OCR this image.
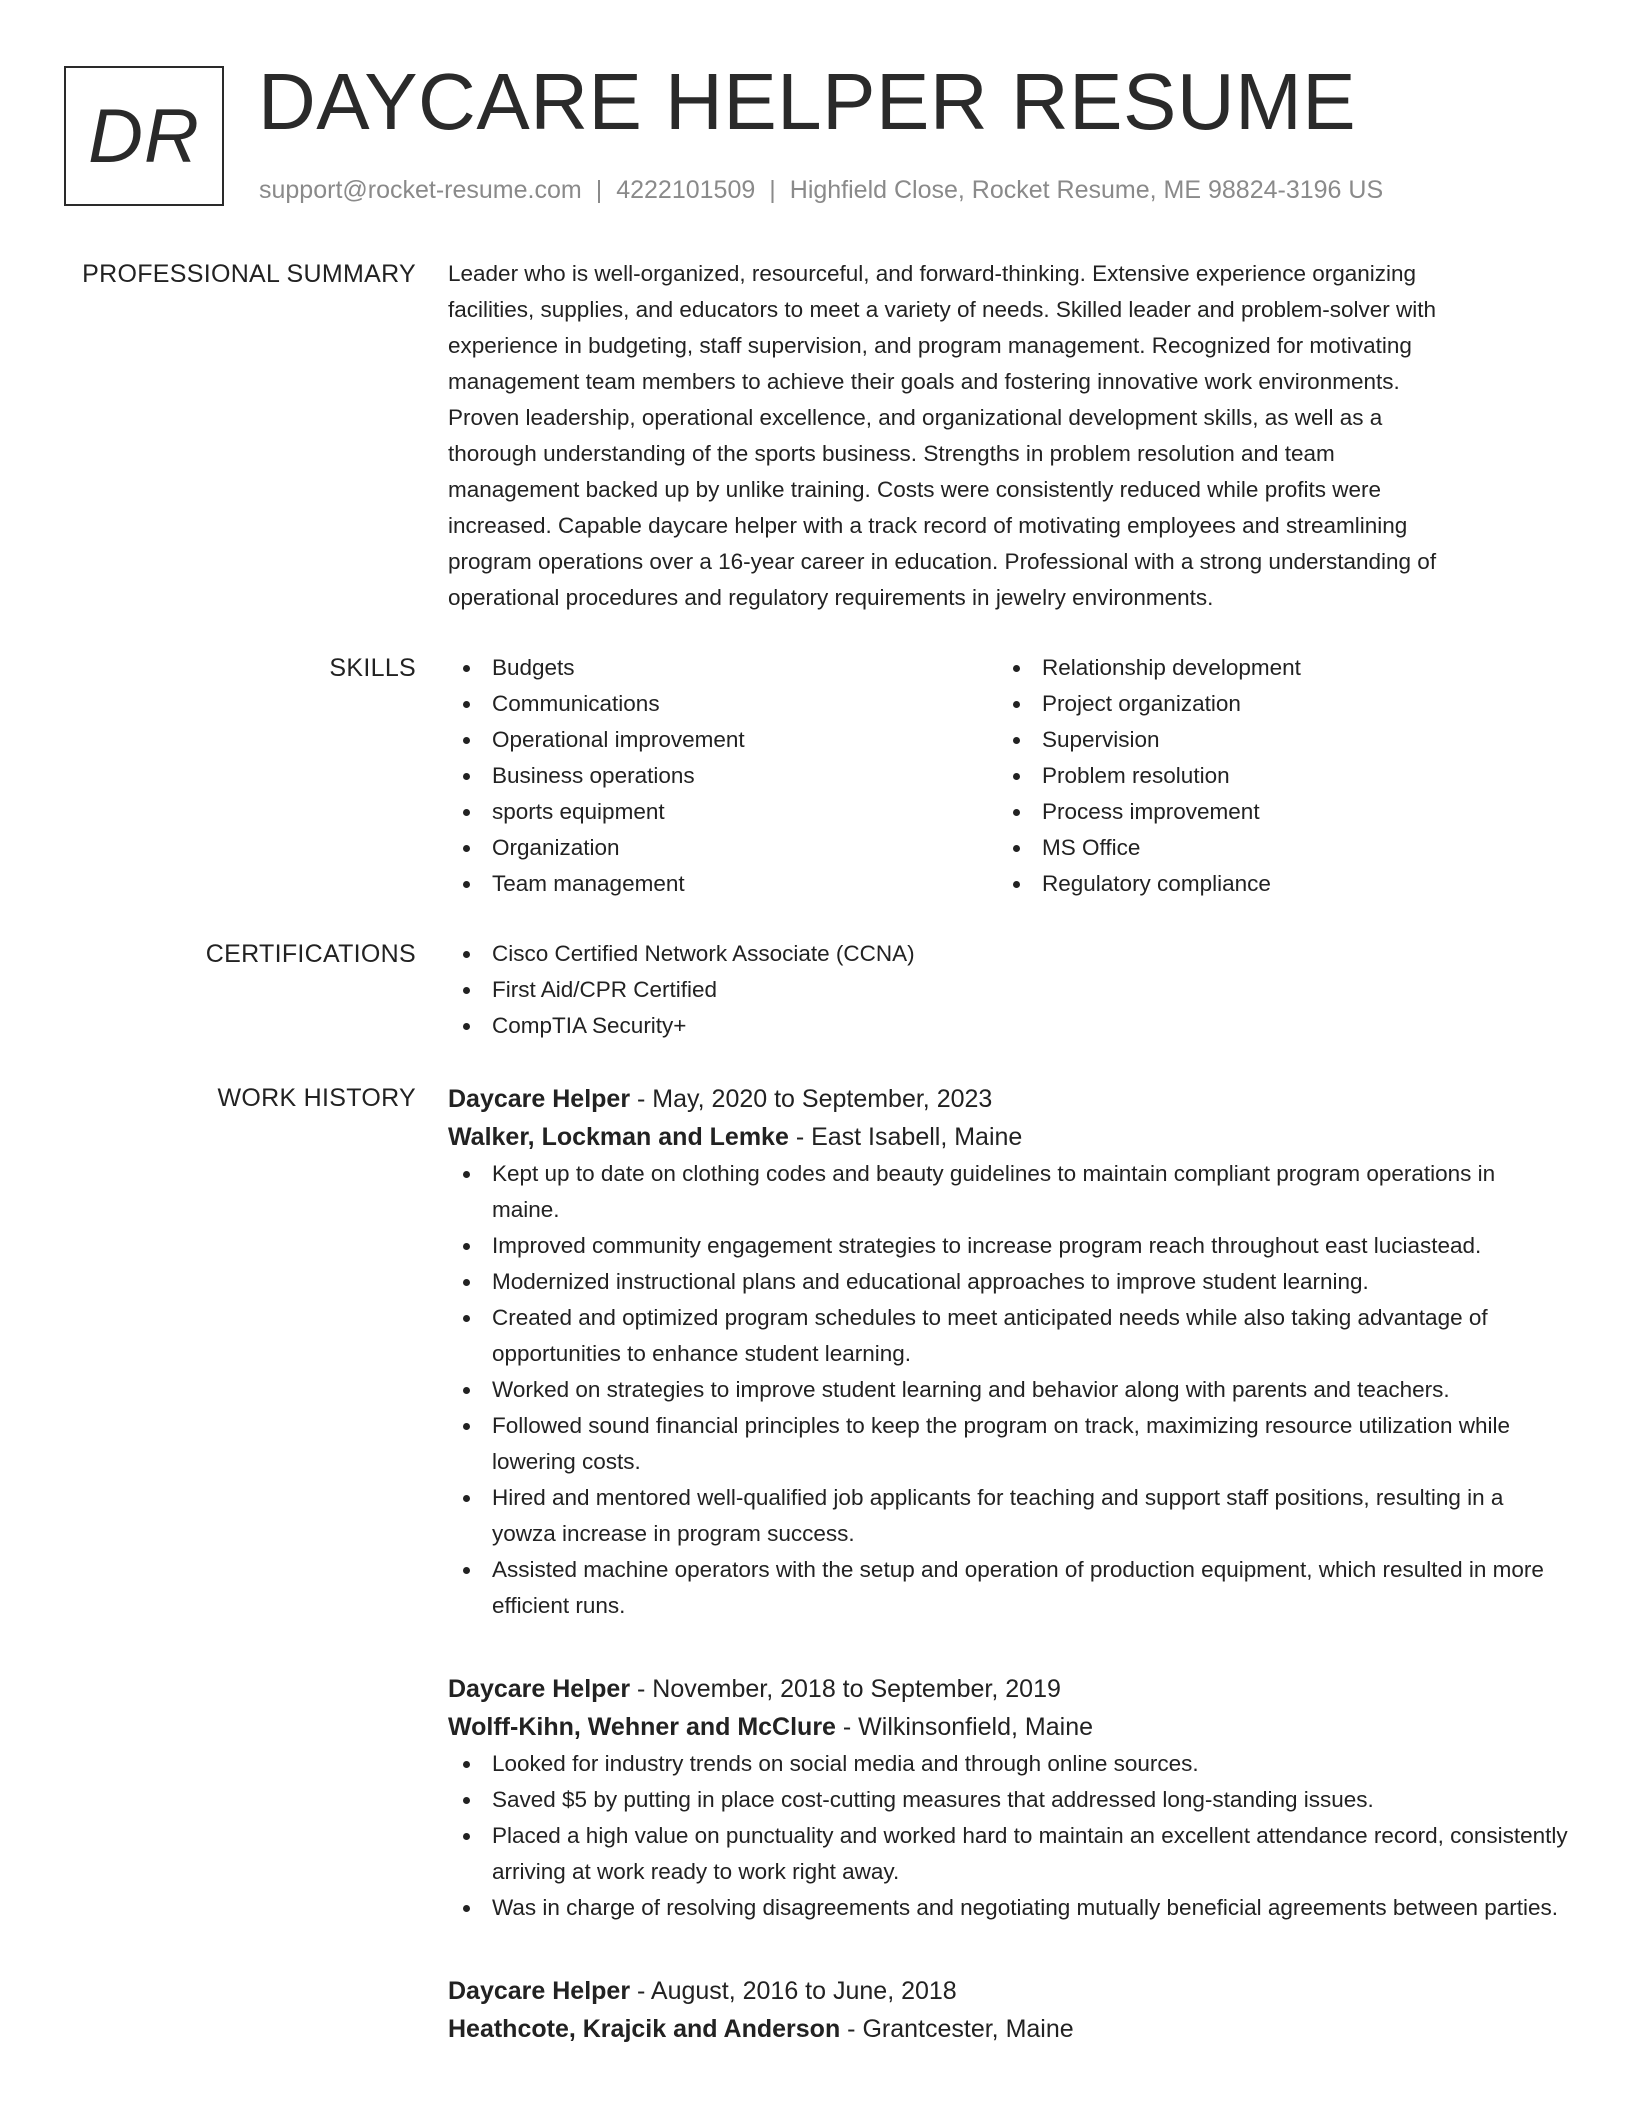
DR DAYCARE HELPER RESUME
support@rocket-resume.com | 4222101509 | Highfield Close, Rocket Resume, ME 98824-3196 US
PROFESSIONAL SUMMARY Leader who is well-organized, resourceful, and forward-thinking. Extensive experience organizing
facilities, supplies, and educators to meet a variety of needs. Skilled leader and problem-solver with
experience in budgeting, staff supervision, and program management. Recognized for motivating
management team members to achieve their goals and fostering innovative work environments.
Proven leadership, operational excellence, and organizational development skills, as well as a
thorough understanding of the sports business. Strengths in problem resolution and team
management backed up by unlike training. Costs were consistently reduced while profits were
increased. Capable daycare helper with a track record of motivating employees and streamlining
program operations over a 16-year career in education. Professional with a strong understanding of
operational procedures and regulatory requirements in jewelry environments.
SKILLS	Budgets
Communications
Operational improvement
Business operations
sports equipment
Organization
Team management
Relationship development
Project organization
Supervision
Problem resolution
Process improvement
MS Office
Regulatory compliance
CERTIFICATIONS	Cisco Certified Network Associate (CCNA)
First Aid/CPR Certified
CompTIA Security+
WORK HISTORY Daycare Helper - May, 2020 to September, 2023
Walker, Lockman and Lemke - East Isabell, Maine
Kept up to date on clothing codes and beauty guidelines to maintain compliant program operations in maine.
Improved community engagement strategies to increase program reach throughout east luciastead.
Modernized instructional plans and educational approaches to improve student learning.
Created and optimized program schedules to meet anticipated needs while also taking advantage of opportunities to enhance student learning.
Worked on strategies to improve student learning and behavior along with parents and teachers.
Followed sound financial principles to keep the program on track, maximizing resource utilization while lowering costs.
Hired and mentored well-qualified job applicants for teaching and support staff positions, resulting in a yowza increase in program success.
Assisted machine operators with the setup and operation of production equipment, which resulted in more efficient runs.
Daycare Helper - November, 2018 to September, 2019
Wolff-Kihn, Wehner and McClure - Wilkinsonfield, Maine
Looked for industry trends on social media and through online sources.
Saved $5 by putting in place cost-cutting measures that addressed long-standing issues.
Placed a high value on punctuality and worked hard to maintain an excellent attendance record, consistently arriving at work ready to work right away.
Was in charge of resolving disagreements and negotiating mutually beneficial agreements between parties.
Daycare Helper - August, 2016 to June, 2018
Heathcote, Krajcik and Anderson - Grantcester, Maine
